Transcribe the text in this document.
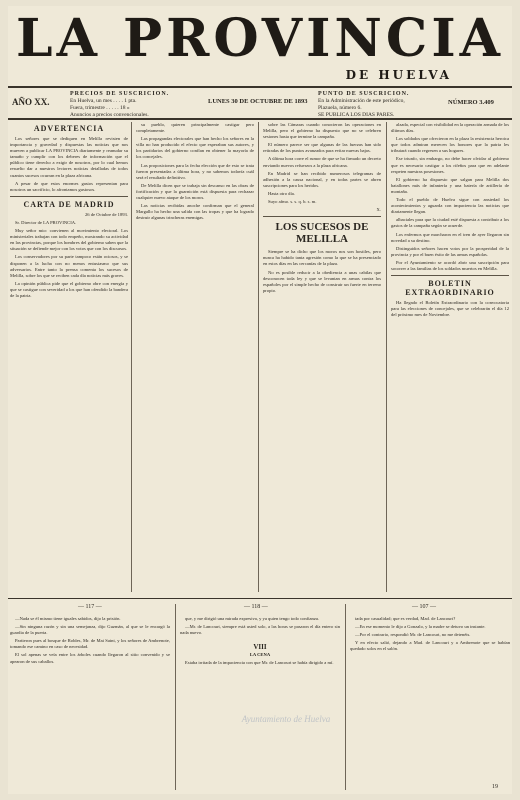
LA PROVINCIA
DE HUELVA
AÑO XX.
PRECIOS DE SUSCRICION.
En Huelva, un mes . . . . 1 pta.
Fuera, trimestre . . . . . 18 »
Anuncios a precios convencionales.
LUNES 30 DE OCTUBRE DE 1893
PUNTO DE SUSCRICION.
En la Administración de este periódico,
Plazuela, número 6.
SE PUBLICA LOS DIAS PARES.
NÚMERO 3.409
ADVERTENCIA

Los señores que se dediquen en Melilla revisten de importancia y gravedad y dispuestas las noticias que nos mueven a publicar LA PROVINCIA diariamente y reanudar su tamaño y cumplir con los deberes de información que el público tiene derecho a exigir de nosotros, por lo cual hemos resuelto dar a nuestros lectores noticias detalladas de todos cuantos sucesos ocurran en la plaza africana.

A pesar de que estos enormes gastos representan para nosotros un sacrificio, lo afrontamos gustosos.

CARTA DE MADRID
26 de Octubre de 1893.

Sr. Director de LA PROVINCIA.

Muy señor mio: convienen al movimiento electoral. Los ministeriales trabajan con todo empeño, mostrando su actividad en las provincias, porque los hombres del gobierno saben que la situación se defiende mejor con los votos que con los discursos.

Los conservadores por su parte tampoco están ociosos, y se disponen a la lucha con no menos entusiasmo que sus adversarios. Entre tanto la prensa comenta los sucesos de Melilla, sobre los que se reciben cada día noticias más graves.

La opinión pública pide que el gobierno obre con energía y que se castigue con severidad a los que han ofendido la bandera de la patria.

su pueblo, quieren principalmente castigar pero completamente.

Las propagandas electorales que han hecho los señores en la villa no han producido el efecto que esperaban sus autores, y los partidarios del gobierno confían en obtener la mayoría de los concejales.

Las proposiciones para la fecha elección que de esto se trata fueron presentadas a última hora, y no sabemos todavía cuál será el resultado definitivo.

De Melilla dicen que se trabaja sin descanso en las obras de fortificación y que la guarnición está dispuesta para rechazar cualquier nuevo ataque de los moros.

Las noticias recibidas anoche confirman que el general Margallo ha hecho una salida con las tropas y que ha logrado destruir algunas trincheras enemigas.

sobre las Cámaras cuando conocieron las operaciones en Melilla, pero el gobierno ha dispuesto que no se celebren sesiones hasta que termine la campaña.

El número parece ser que algunas de las fuerzas han sido retiradas de los puntos avanzados para evitar nuevas bajas.

A última hora corre el rumor de que se ha firmado un decreto enviando nuevos refuerzos a la plaza africana.

En Madrid se han recibido numerosos telegramas de adhesión a la causa nacional, y en todas partes se abren suscripciones para los heridos.

Hasta otro día.

Suyo afmo. s. s. q. b. s. m.

X.

LOS SUCESOS DE MELILLA

Siempre se ha dicho que los moros nos son hostiles, pero nunca ha habido tanta agresión como la que se ha presenciado en estos días en las cercanías de la plaza.

No es posible reducir a la obediencia a unas cabilas que desconocen toda ley y que se levantan en armas contra los españoles por el simple hecho de construir un fuerte en terreno propio.

alzada, especial con visibilidad en la operación armada de los últimos días.

Los soldados que ofrecieron en la plaza la resistencia heroica que todos admiran merecen los honores que la patria les tributará cuando regresen a sus hogares.

Ese triunfo, sin embargo, no debe hacer olvidar al gobierno que es necesario castigar a los rifeños para que en adelante respeten nuestras posesiones.

El gobierno ha dispuesto que salgan para Melilla dos batallones más de infantería y una batería de artillería de montaña.

Todo el pueblo de Huelva sigue con ansiedad los acontecimientos y aguarda con impaciencia las noticias que diariamente llegan.

albaciales para que la ciudad esté dispuesta a contribuir a los gastos de la campaña según se acuerde.

Los enfermos que marcharon en el tren de ayer llegaron sin novedad a su destino.

Distinguidos señores hacen votos por la prosperidad de la provincia y por el buen éxito de las armas españolas.

Por el Ayuntamiento se acordó abrir una suscripción para socorrer a las familias de los soldados muertos en Melilla.

BOLETIN EXTRAORDINARIO

Ha llegado el Boletín Extraordinario con la convocatoria para las elecciones de concejales, que se celebrarán el día 12 del próximo mes de Noviembre.

— 117 —	— 118 —	— 107 —

—Nada se él mismo tiene iguales sabidos, dijo la prisión.

—Sin ninguna razón y sin una semejanza, dijo Guzmán, al que se le encargó la guardia de la puerta.

Partieron pues al bosque de Robles, Mr. de Mai Saint, y los señores de Ambrenote, tomando ese camino en caso de necesidad.

El sol apenas se veía entre los árboles cuando llegaron al sitio convenido y se apearon de sus caballos.

que, y me dirigió una mirada expresiva, y ya quien tengo todo confianza.

—Mr. de Lancourt, siempre está usted solo, a las horas se pasaron el día entero sin nada nuevo.

VIII

LA CENA

Estaba irritada de la impaciencia con que Mr. de Lancourt se había dirigido a mí.

tada por casualidad; que es verdad, Mad. de Lancourt?

—En ese momento le dijo a Gonzalo, y la madre se detuvo un instante.

—Por el contrario, respondió Mr. de Lancourt, no me detenéis.

Y en efecto salió, dejando a Mad. de Lancourt y a Ambrenote que se habían quedado solos en el salón.

Ayuntamiento de Huelva
19
